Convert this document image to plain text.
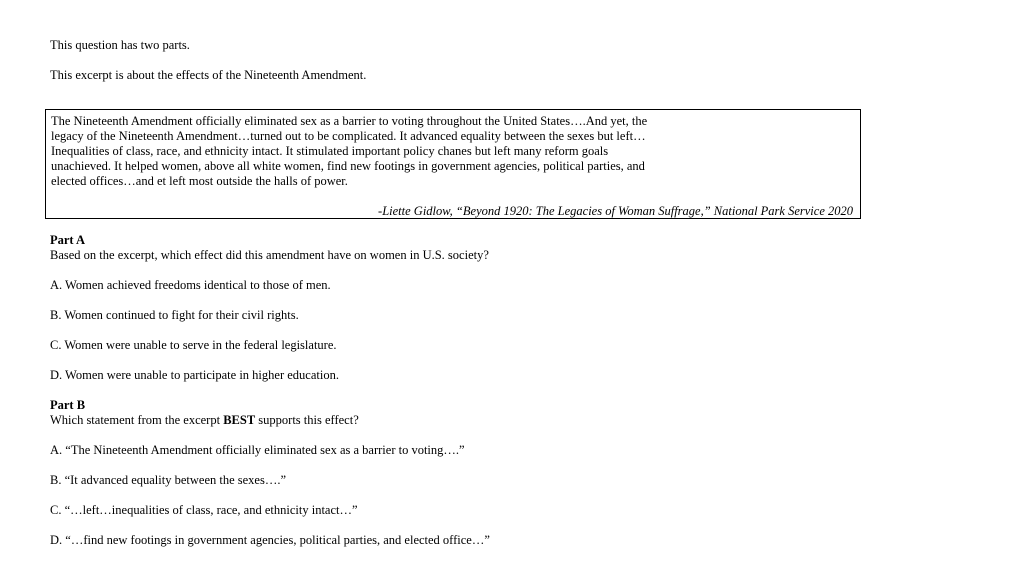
This question has two parts.
This excerpt is about the effects of the Nineteenth Amendment.
The Nineteenth Amendment officially eliminated sex as a barrier to voting throughout the United States….And yet, the
legacy of the Nineteenth Amendment…turned out to be complicated. It advanced equality between the sexes but left…
Inequalities of class, race, and ethnicity intact. It stimulated important policy chanes but left many reform goals
unachieved. It helped women, above all white women, find new footings in government agencies, political parties, and
elected offices…and et left most outside the halls of power.
-Liette Gidlow, “Beyond 1920: The Legacies of Woman Suffrage,” National Park Service 2020
Part A
Based on the excerpt, which effect did this amendment have on women in U.S. society?
A. Women achieved freedoms identical to those of men.
B. Women continued to fight for their civil rights.
C. Women were unable to serve in the federal legislature.
D. Women were unable to participate in higher education.
Part B
Which statement from the excerpt BEST supports this effect?
A. “The Nineteenth Amendment officially eliminated sex as a barrier to voting….”
B. “It advanced equality between the sexes….”
C. “…left…inequalities of class, race, and ethnicity intact…”
D. “…find new footings in government agencies, political parties, and elected office…”
